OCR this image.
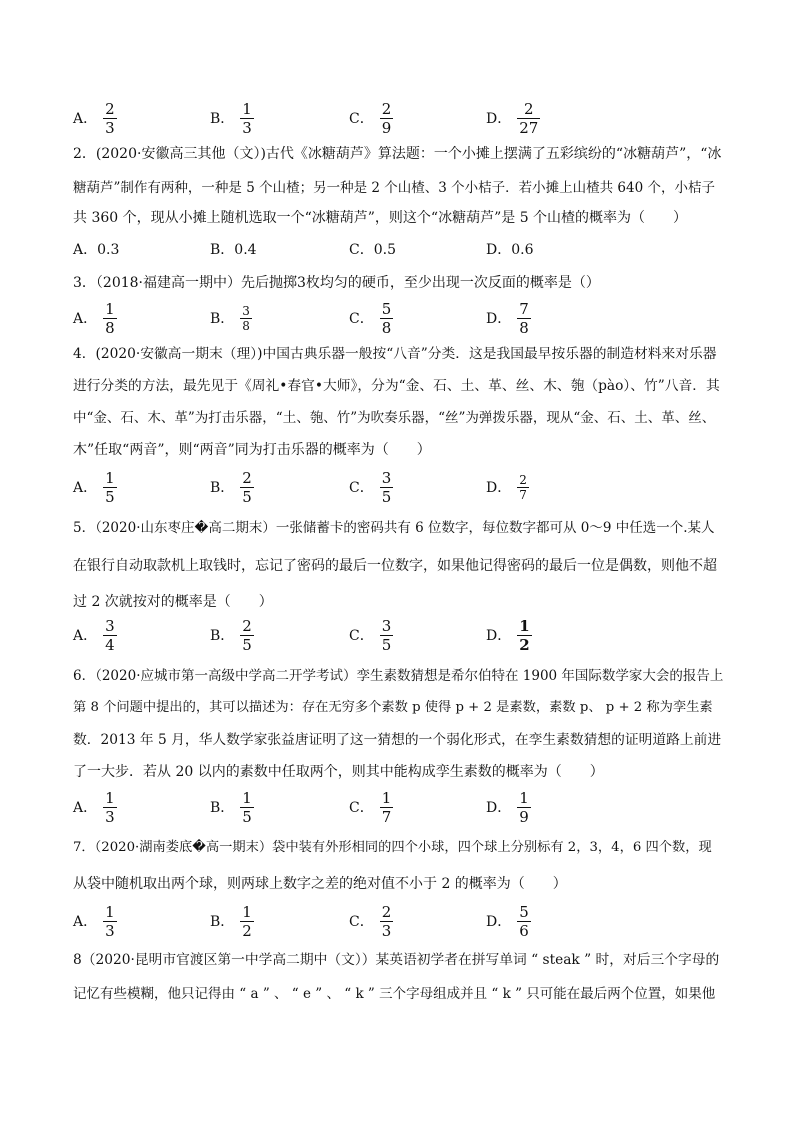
A． $\frac{2}{3}$	B． $\frac{1}{3}$	C． $\frac{2}{9}$	D． $\frac{2}{27}$
2．(2020·安徽高三其他（文）)古代《冰糖葫芦》算法题：一个小摊上摆满了五彩缤纷的“冰糖葫芦”，“冰
糖葫芦”制作有两种，一种是 5 个山楂；另一种是 2 个山楂、3 个小桔子．若小摊上山楂共 640 个，小桔子
共 360 个，现从小摊上随机选取一个“冰糖葫芦”，则这个“冰糖葫芦”是 5 个山楂的概率为（　　）
A．0.3	B．0.4	C．0.5	D．0.6
3．（2018·福建高一期中）先后抛掷3枚均匀的硬币，至少出现一次反面的概率是（）
A． $\frac{1}{8}$	B． $\frac{3}{8}$	C． $\frac{5}{8}$	D． $\frac{7}{8}$
4．(2020·安徽高一期末（理）)中国古典乐器一般按“八音”分类．这是我国最早按乐器的制造材料来对乐器
进行分类的方法，最先见于《周礼•春官•大师》，分为“金、石、土、革、丝、木、匏（pào）、竹”八音．其
中“金、石、木、革”为打击乐器，“土、匏、竹”为吹奏乐器，“丝”为弹拨乐器，现从“金、石、土、革、丝、
木”任取“两音”，则“两音”同为打击乐器的概率为（　　）
A． $\frac{1}{5}$	B． $\frac{2}{5}$	C． $\frac{3}{5}$	D． $\frac{2}{7}$
5．（2020·山东枣庄�高二期末）一张储蓄卡的密码共有 6 位数字，每位数字都可从 0～9 中任选一个.某人
在银行自动取款机上取钱时，忘记了密码的最后一位数字，如果他记得密码的最后一位是偶数，则他不超
过 2 次就按对的概率是（　　）
A． $\frac{3}{4}$	B． $\frac{2}{5}$	C． $\frac{3}{5}$	D． $\frac{1}{2}$
6．（2020·应城市第一高级中学高二开学考试）孪生素数猜想是希尔伯特在 1900 年国际数学家大会的报告上
第 8 个问题中提出的，其可以描述为：存在无穷多个素数 p 使得 p + 2 是素数，素数 p、 p + 2 称为孪生素
数．2013 年 5 月，华人数学家张益唐证明了这一猜想的一个弱化形式，在孪生素数猜想的证明道路上前进
了一大步．若从 20 以内的素数中任取两个，则其中能构成孪生素数的概率为（　　）
A． $\frac{1}{3}$	B． $\frac{1}{5}$	C． $\frac{1}{7}$	D． $\frac{1}{9}$
7．（2020·湖南娄底�高一期末）袋中装有外形相同的四个小球，四个球上分别标有 2，3，4，6 四个数，现
从袋中随机取出两个球，则两球上数字之差的绝对值不小于 2 的概率为（　　）
A． $\frac{1}{3}$	B． $\frac{1}{2}$	C． $\frac{2}{3}$	D． $\frac{5}{6}$
8（2020·昆明市官渡区第一中学高二期中（文））某英语初学者在拼写单词 “ steak ” 时，对后三个字母的
记忆有些模糊，他只记得由 “ a ” 、 “ e ” 、 “ k ” 三个字母组成并且 “ k ” 只可能在最后两个位置，如果他
